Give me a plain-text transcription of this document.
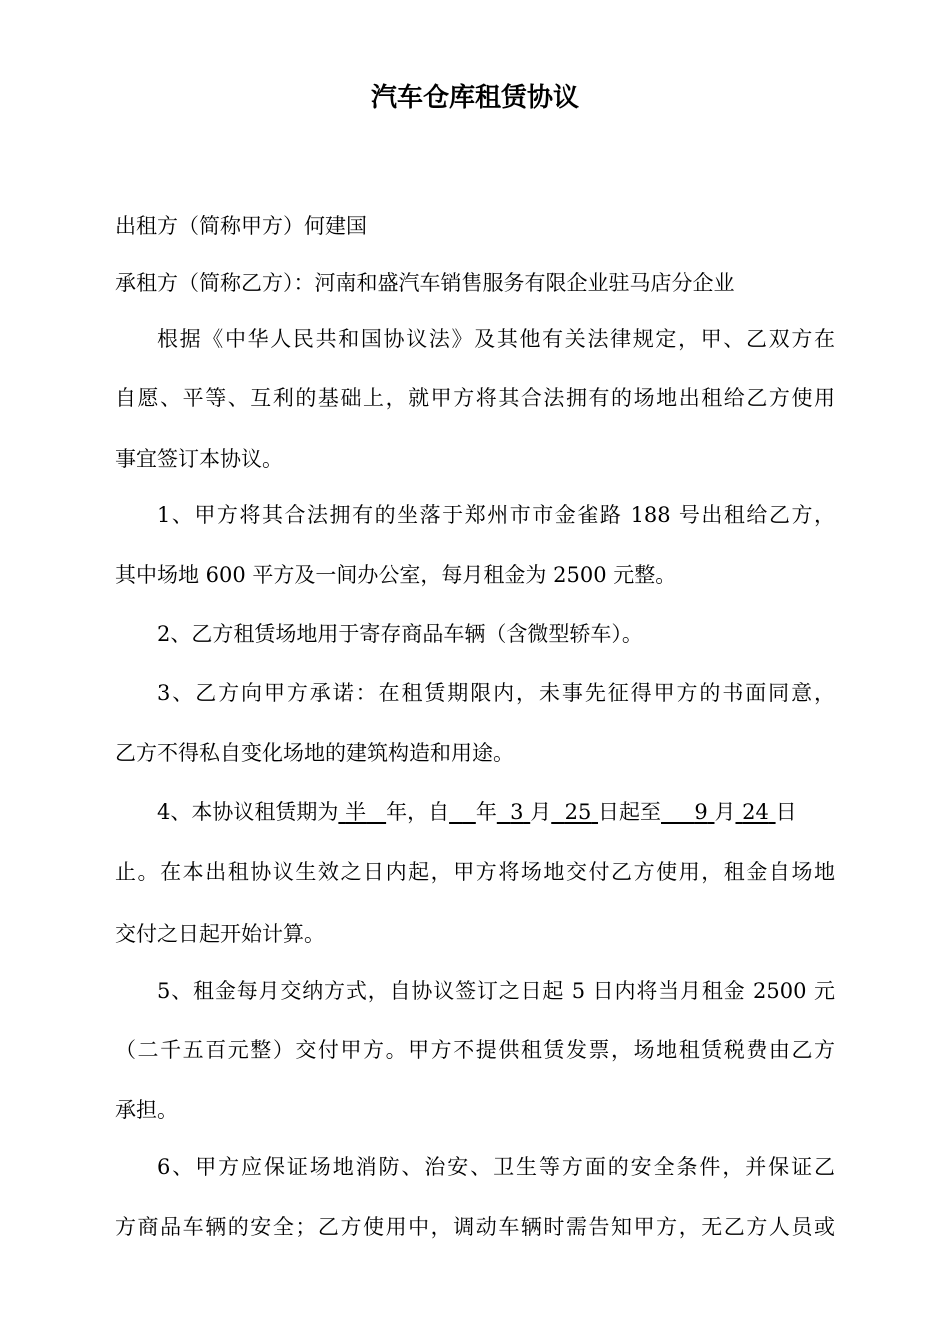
汽车仓库租赁协议
出租方（简称甲方）何建国
承租方（简称乙方）：河南和盛汽车销售服务有限企业驻马店分企业
根据《中华人民共和国协议法》及其他有关法律规定，甲、乙双方在
自愿、平等、互利的基础上，就甲方将其合法拥有的场地出租给乙方使用
事宜签订本协议。
1、甲方将其合法拥有的坐落于郑州市市金雀路 188 号出租给乙方，
其中场地 600 平方及一间办公室，每月租金为 2500 元整。
2、乙方租赁场地用于寄存商品车辆（含微型轿车）。
3、乙方向甲方承诺：在租赁期限内，未事先征得甲方的书面同意，
乙方不得私自变化场地的建筑构造和用途。
4、本协议租赁期为 半 年，自 年 3 月 25 日起至 9 月 24 日
止。在本出租协议生效之日内起，甲方将场地交付乙方使用，租金自场地
交付之日起开始计算。
5、租金每月交纳方式，自协议签订之日起 5 日内将当月租金 2500 元
（二千五百元整）交付甲方。甲方不提供租赁发票，场地租赁税费由乙方
承担。
6、甲方应保证场地消防、治安、卫生等方面的安全条件，并保证乙
方商品车辆的安全；乙方使用中，调动车辆时需告知甲方，无乙方人员或
